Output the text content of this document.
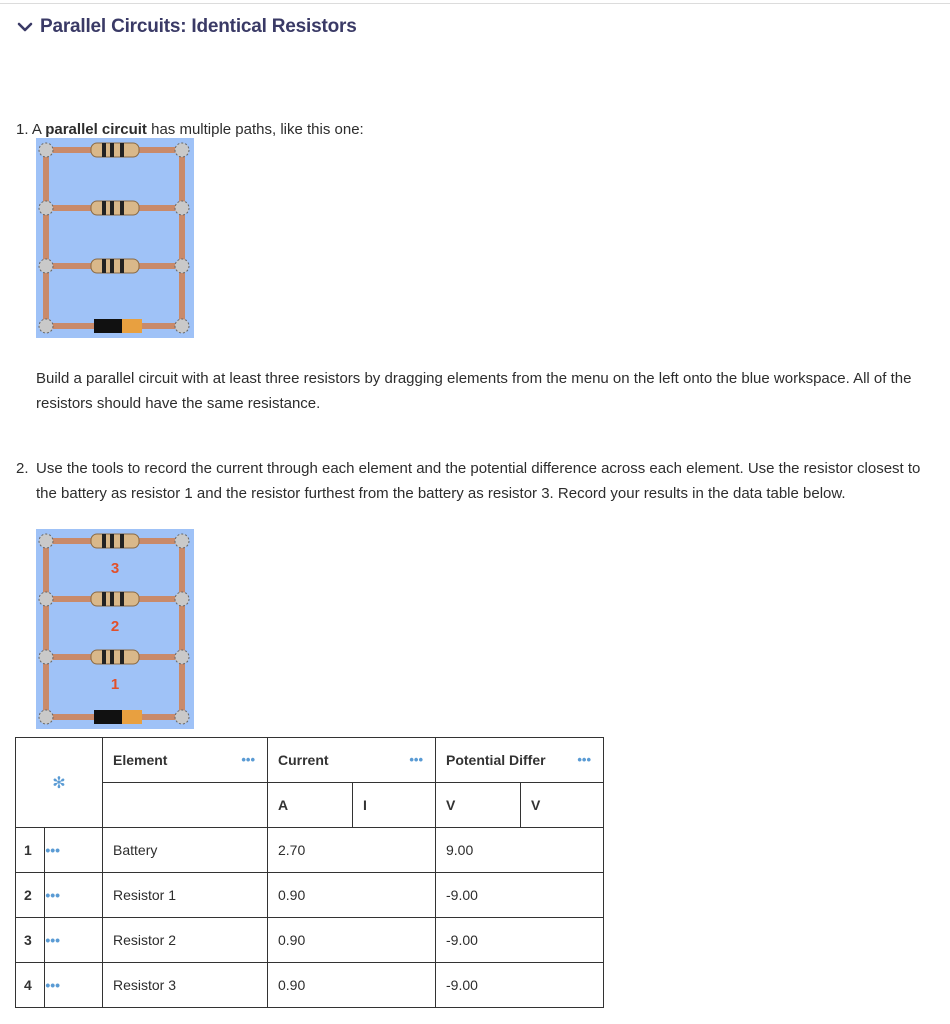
Parallel Circuits: Identical Resistors
1. A parallel circuit has multiple paths, like this one:
Build a parallel circuit with at least three resistors by dragging elements from the menu on the left onto the blue workspace. All of the resistors should have the same resistance.
2. Use the tools to record the current through each element and the potential difference across each element. Use the resistor closest to the battery as resistor 1 and the resistor furthest from the battery as resistor 3. Record your results in the data table below.
3
2
1
✻		Element •••	Current •••		Potential Differ •••	

			A	I	V	V
1	•••	Battery	2.70		9.00	
2	•••	Resistor 1	0.90		-9.00	
3	•••	Resistor 2	0.90		-9.00	
4	•••	Resistor 3	0.90		-9.00	
